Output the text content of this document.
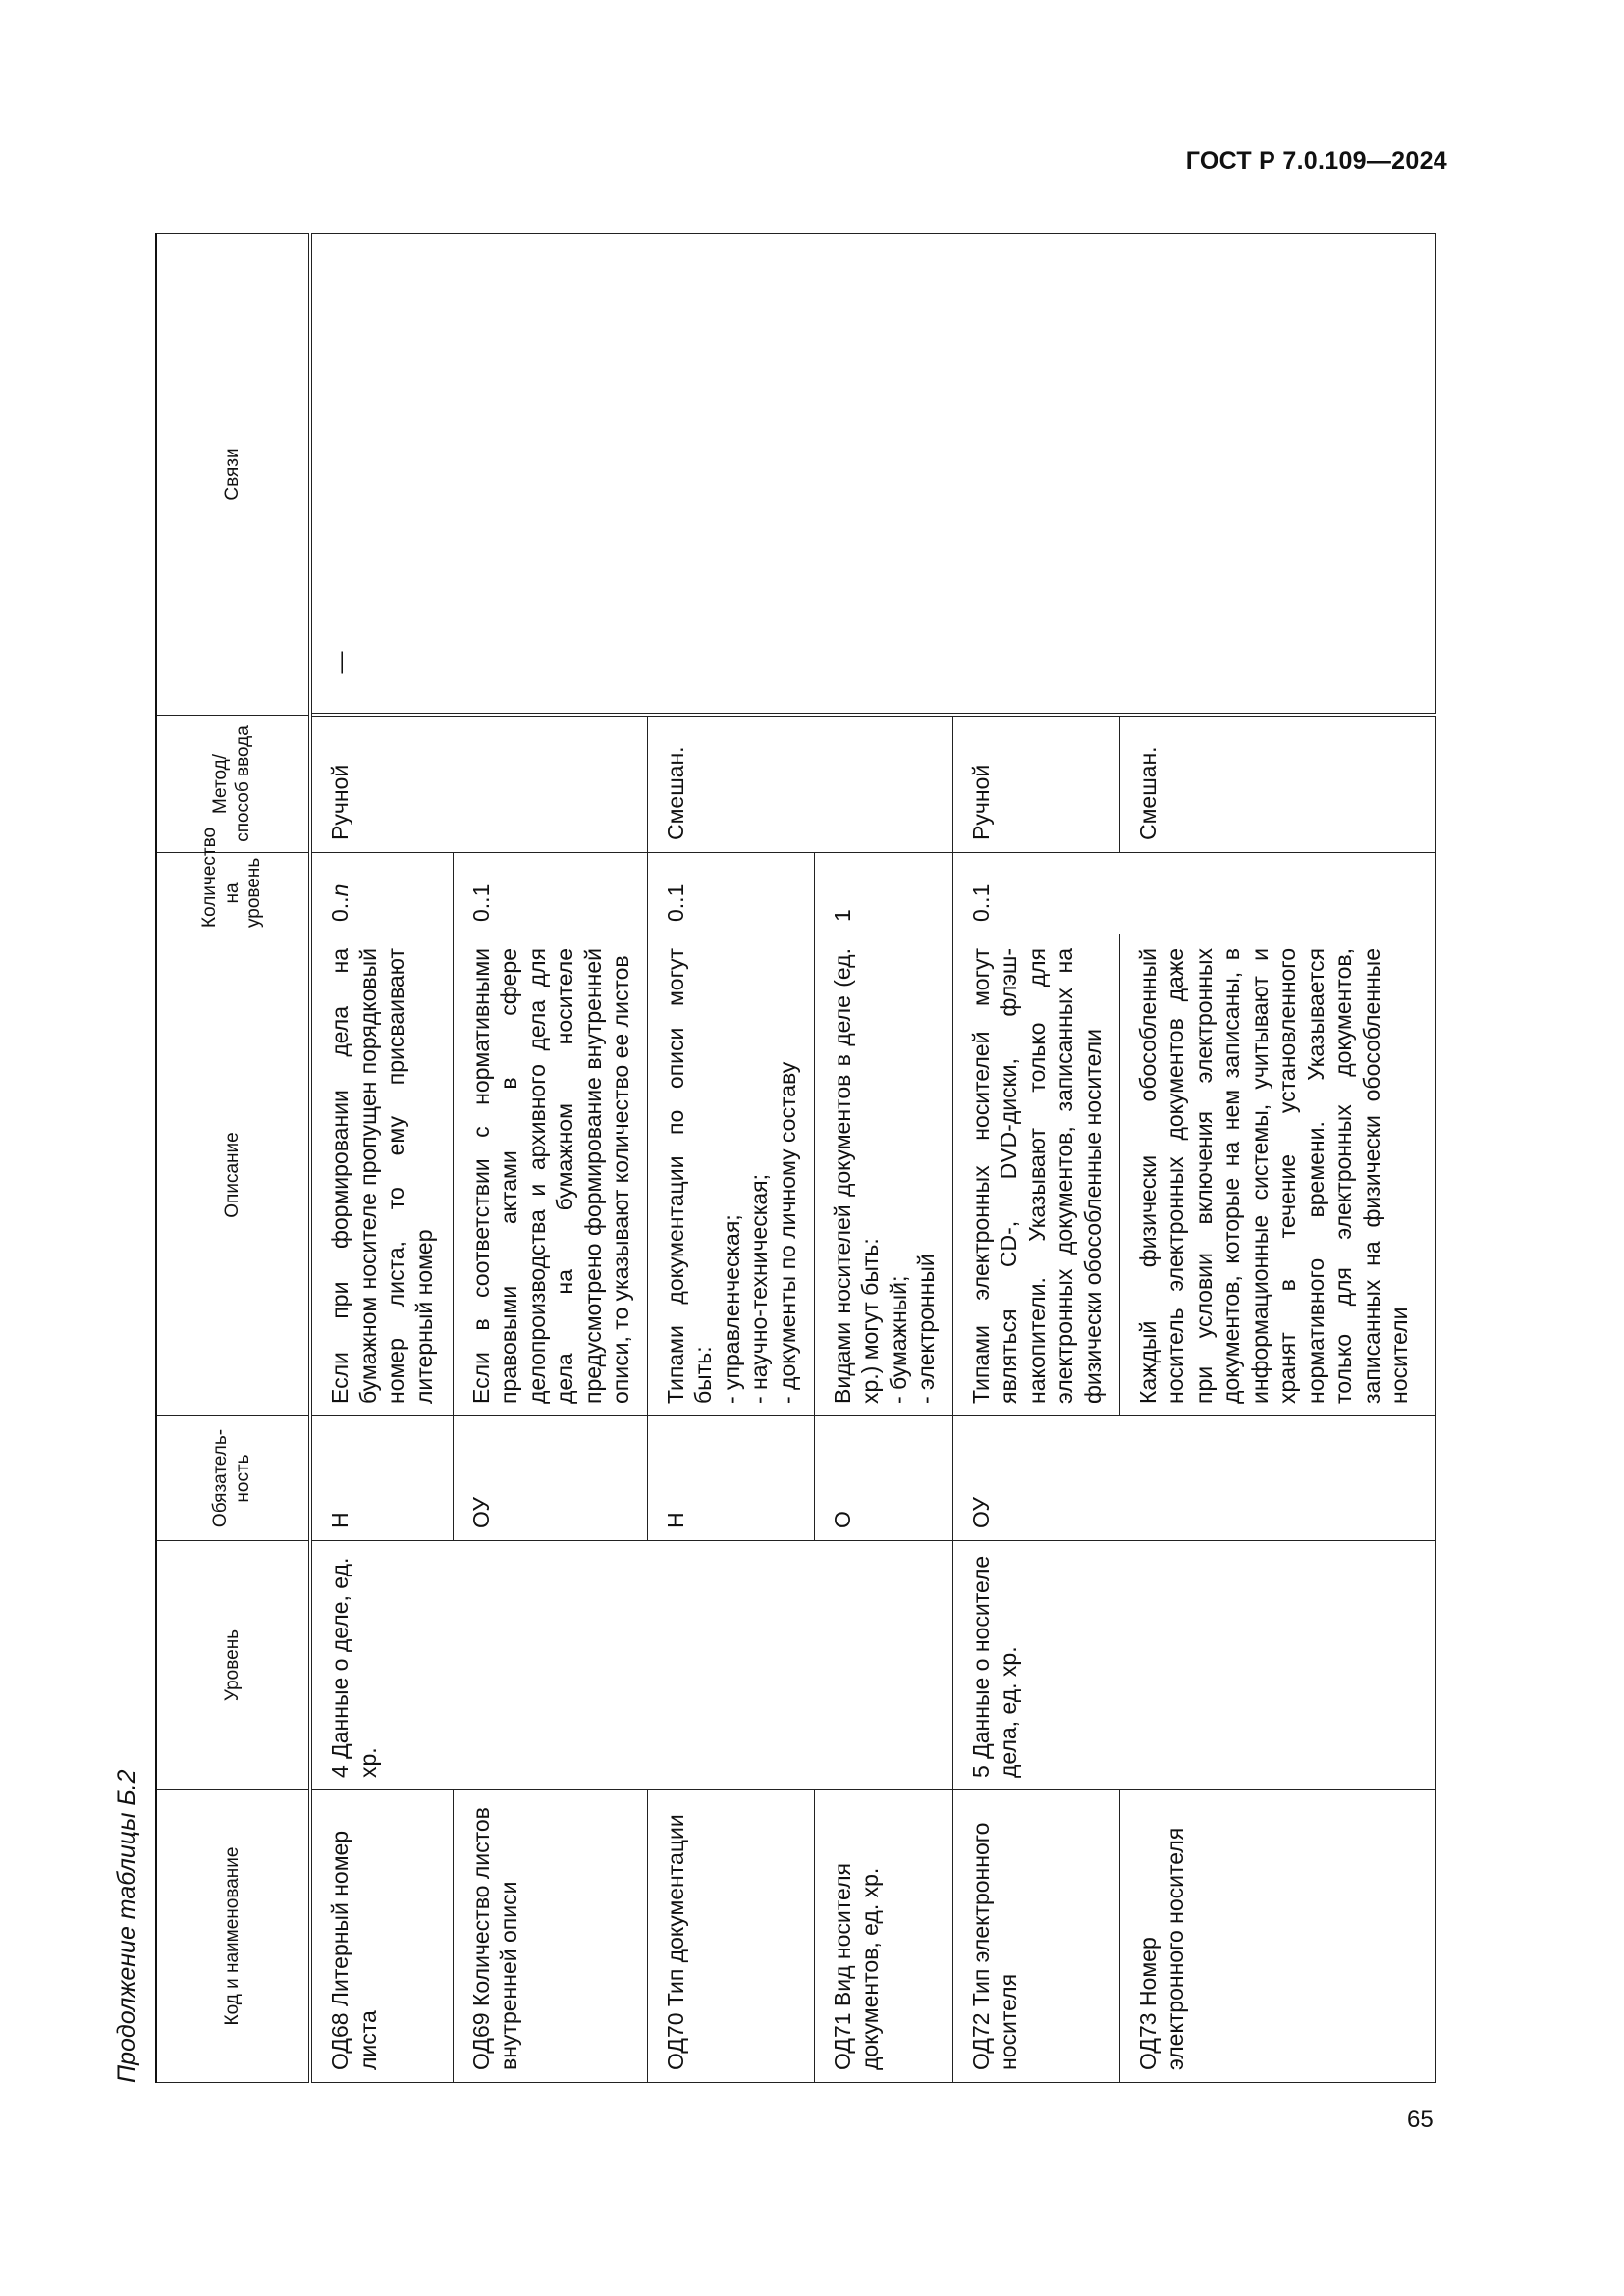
ГОСТ Р 7.0.109—2024
Продолжение таблицы Б.2
65
Код и наименование	Уровень	Обязатель-ность	Описание	Количество на уровень	Метод/ способ ввода	Связи
ОД68 Литерный номер листа	4 Данные о деле, ед. хр.	Н	Если при формировании дела на бумажном носителе пропущен порядковый номер листа, то ему присваивают литерный номер	0..n	Ручной	—
ОД69 Количество листов внутренней описи		ОУ	Если в соответствии с нормативными правовыми актами в сфере делопроизводства и архивного дела для дела на бумажном носителе предусмотрено формирование внутренней описи, то указывают количество ее листов	0..1		
ОД70 Тип документации		Н	Типами документации по описи могут быть: - управленческая; - научно-техническая; - документы по личному составу	0..1	Смешан.	
ОД71 Вид носителя документов, ед. хр.		О	Видами носителей документов в деле (ед. хр.) могут быть: - бумажный; - электронный	1		
ОД72 Тип электронного носителя	5 Данные о носителе дела, ед. хр.	ОУ	Типами электронных носителей могут являться CD-, DVD-диски, флэш-накопители. Указывают только для электронных документов, записанных на физически обособленные носители	0..1	Ручной	
ОД73 Номер электронного носителя			Каждый физически обособленный носитель электронных документов даже при условии включения электронных документов, которые на нем записаны, в информационные системы, учитывают и хранят в течение установленного нормативного времени. Указывается только для электронных документов, записанных на физически обособленные носители		Смешан.	
